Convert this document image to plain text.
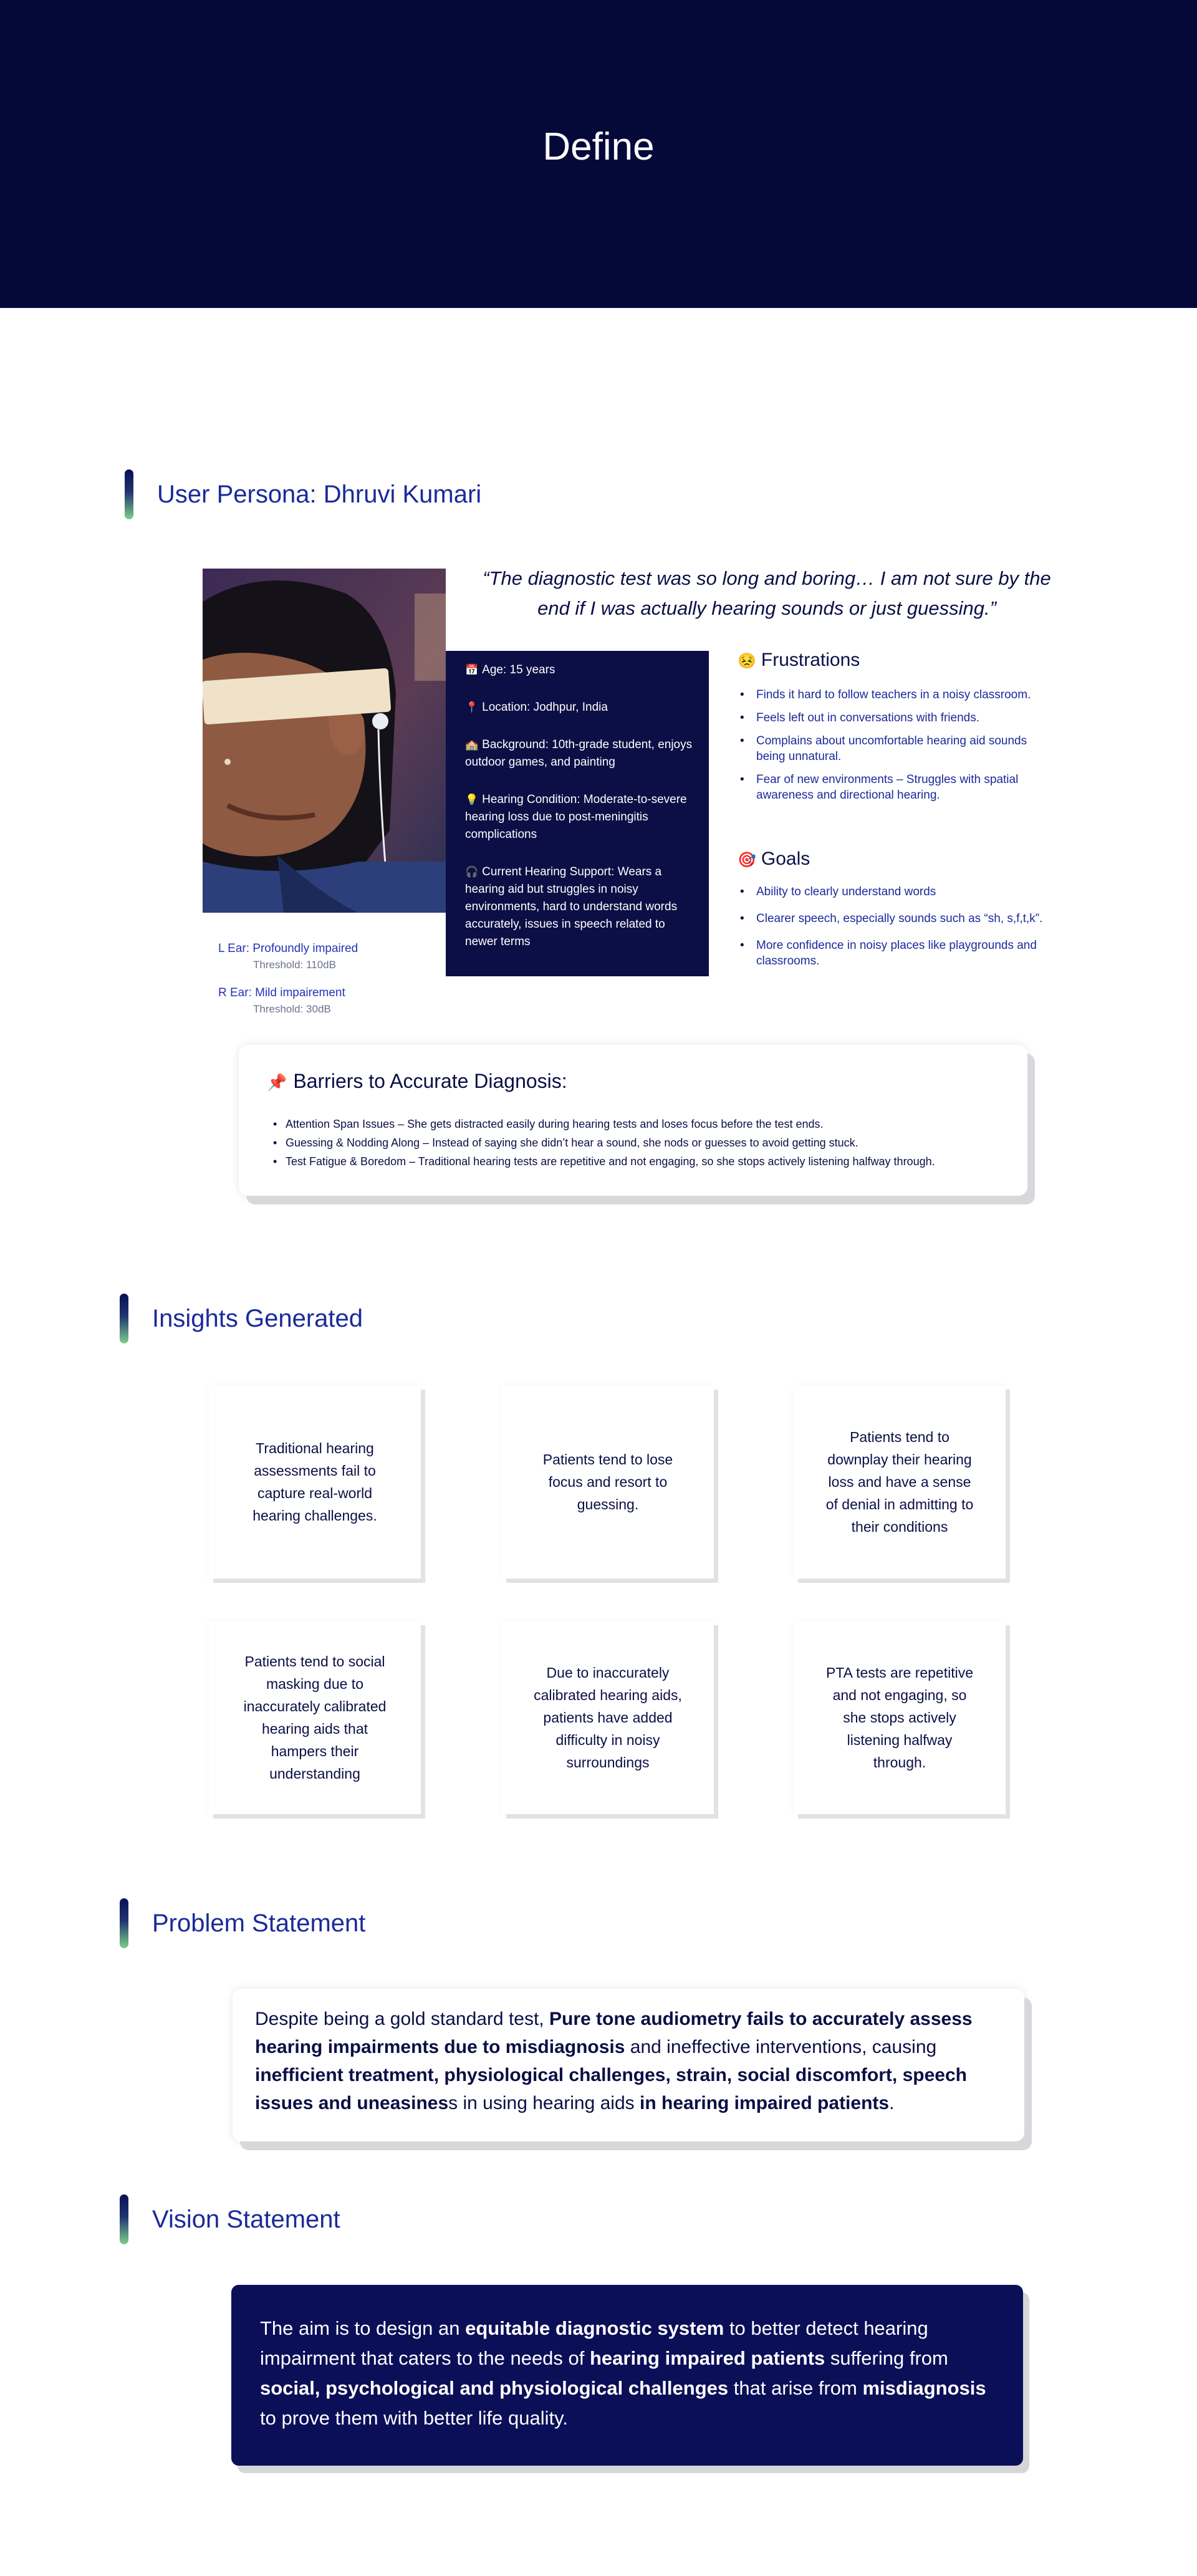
Define
User Persona: Dhruvi Kumari
“The diagnostic test was so long and boring… I am not sure by the end if I was actually hearing sounds or just guessing.”
L Ear: Profoundly impaired
Threshold: 110dB
R Ear: Mild impairement
Threshold: 30dB
📅 Age: 15 years
📍 Location: Jodhpur, India
🏫 Background: 10th-grade student, enjoys outdoor games, and painting
💡 Hearing Condition: Moderate-to-severe hearing loss due to post-meningitis complications
🎧 Current Hearing Support: Wears a hearing aid but struggles in noisy environments, hard to understand words accurately, issues in speech related to newer terms
😣 Frustrations
• Finds it hard to follow teachers in a noisy classroom.
• Feels left out in conversations with friends.
• Complains about uncomfortable hearing aid sounds being unnatural.
• Fear of new environments – Struggles with spatial awareness and directional hearing.
🎯 Goals
• Ability to clearly understand words
• Clearer speech, especially sounds such as “sh, s,f,t,k”.
• More confidence in noisy places like playgrounds and classrooms.
📌 Barriers to Accurate Diagnosis:
• Attention Span Issues – She gets distracted easily during hearing tests and loses focus before the test ends.
• Guessing & Nodding Along – Instead of saying she didn’t hear a sound, she nods or guesses to avoid getting stuck.
• Test Fatigue & Boredom – Traditional hearing tests are repetitive and not engaging, so she stops actively listening halfway through.
Insights Generated
Traditional hearing assessments fail to capture real-world hearing challenges.
Patients tend to lose focus and resort to guessing.
Patients tend to downplay their hearing loss and have a sense of denial in admitting to their conditions
Patients tend to social masking due to inaccurately calibrated hearing aids that hampers their understanding
Due to inaccurately calibrated hearing aids, patients have added difficulty in noisy surroundings
PTA tests are repetitive and not engaging, so she stops actively listening halfway through.
Problem Statement

Despite being a gold standard test, Pure tone audiometry fails to accurately assess hearing impairments due to misdiagnosis and ineffective interventions, causing inefficient treatment, physiological challenges, strain, social discomfort, speech issues and uneasiness in using hearing aids in hearing impaired patients.

Vision Statement

The aim is to design an equitable diagnostic system to better detect hearing impairment that caters to the needs of hearing impaired patients suffering from social, psychological and physiological challenges that arise from misdiagnosis to prove them with better life quality.
